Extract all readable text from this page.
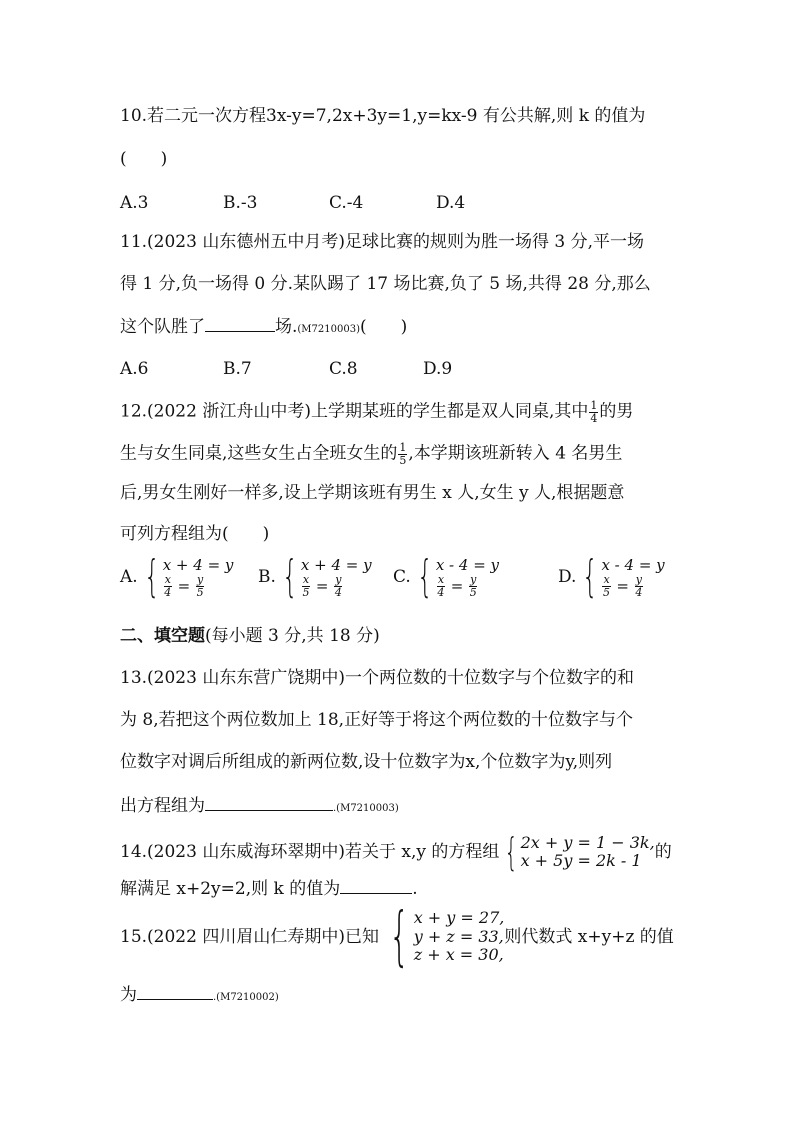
10.若二元一次方程3x-y=7,2x+3y=1,y=kx-9 有公共解,则 k 的值为
(　　)
A.3	B.-3	C.-4	D.4
11.(2023 山东德州五中月考)足球比赛的规则为胜一场得 3 分,平一场
得 1 分,负一场得 0 分.某队踢了 17 场比赛,负了 5 场,共得 28 分,那么
这个队胜了	场.(M7210003)(　　)
A.6	B.7	C.8	D.9
12.(2022 浙江舟山中考)上学期某班的学生都是双人同桌,其中 $\frac{1}{4}$ 的男
生与女生同桌,这些女生占全班女生的 $\frac{1}{5}$ ,本学期该班新转入 4 名男生
后,男女生刚好一样多,设上学期该班有男生 x 人,女生 y 人,根据题意
可列方程组为(　　)
A. { x + 4 = y
$\frac{x}{4} = \frac{y}{5}$	B. { x + 4 = y
$\frac{x}{5} = \frac{y}{4}$	C. { x - 4 = y
$\frac{x}{4} = \frac{y}{5}$	D. { x - 4 = y
$\frac{x}{5} = \frac{y}{4}$
二、填空题(每小题 3 分,共 18 分)
13.(2023 山东东营广饶期中)一个两位数的十位数字与个位数字的和
为 8,若把这个两位数加上 18,正好等于将这个两位数的十位数字与个
位数字对调后所组成的新两位数,设十位数字为x,个位数字为y,则列
出方程组为	.(M7210003)
14.(2023 山东威海环翠期中)若关于 x,y 的方程组 { 2x + y = 1 − 3k,
x + 5y = 2k - 1 的
解满足 x+2y=2,则 k 的值为	.
15.(2022 四川眉山仁寿期中)已知 { x + y = 27,
y + z = 33,
z + x = 30,
则代数式 x+y+z 的值
为	.(M7210002)
